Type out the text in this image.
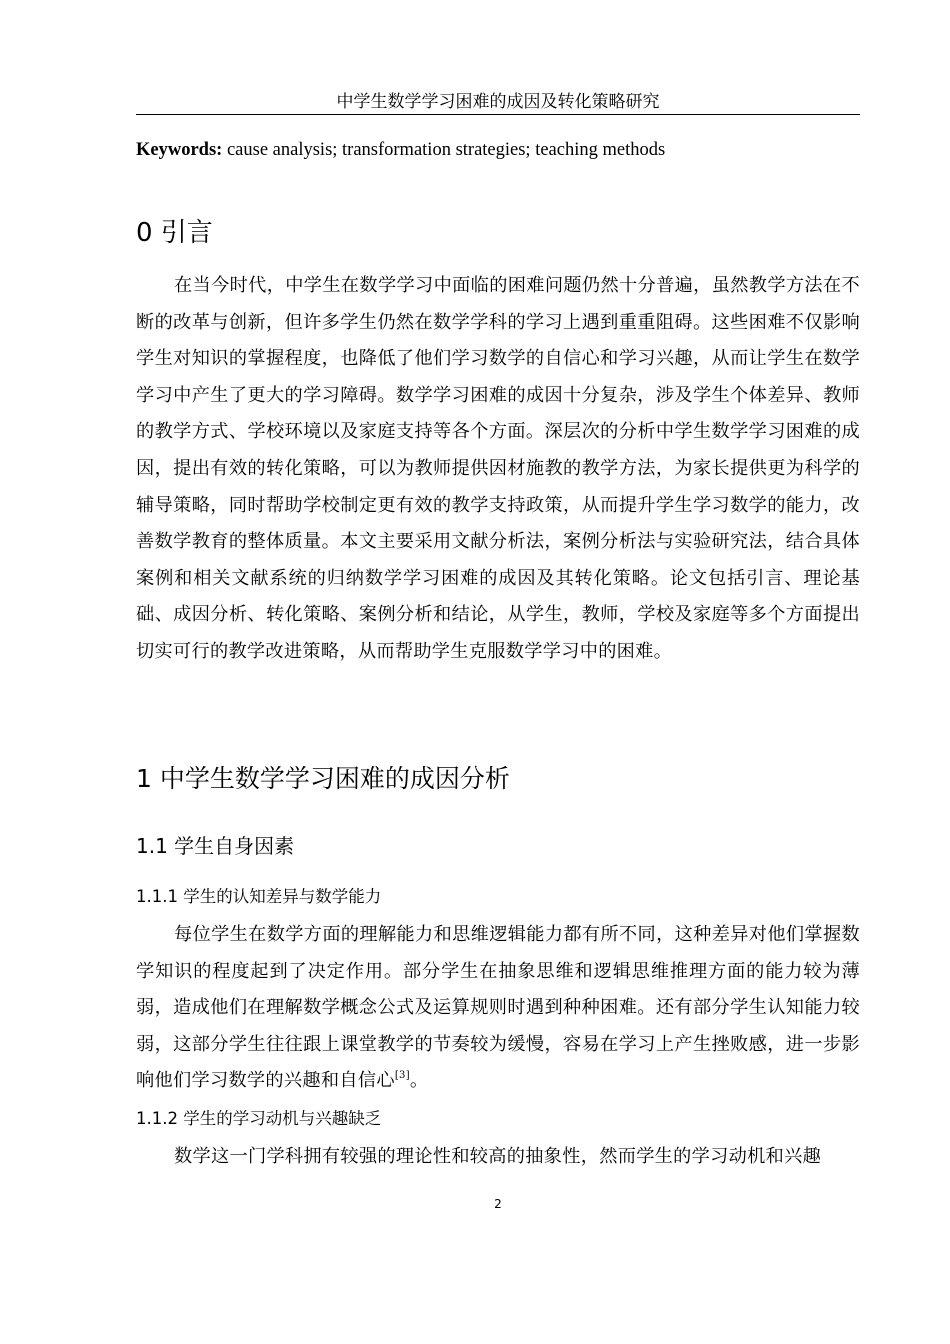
中学生数学学习困难的成因及转化策略研究
Keywords: cause analysis; transformation strategies; teaching methods
0 引言

在当今时代，中学生在数学学习中面临的困难问题仍然十分普遍，虽然教学方法在不断的改革与创新，但许多学生仍然在数学学科的学习上遇到重重阻碍。这些困难不仅影响学生对知识的掌握程度，也降低了他们学习数学的自信心和学习兴趣，从而让学生在数学学习中产生了更大的学习障碍。数学学习困难的成因十分复杂，涉及学生个体差异、教师的教学方式、学校环境以及家庭支持等各个方面。深层次的分析中学生数学学习困难的成因，提出有效的转化策略，可以为教师提供因材施教的教学方法，为家长提供更为科学的辅导策略，同时帮助学校制定更有效的教学支持政策，从而提升学生学习数学的能力，改善数学教育的整体质量。本文主要采用文献分析法，案例分析法与实验研究法，结合具体案例和相关文献系统的归纳数学学习困难的成因及其转化策略。论文包括引言、理论基础、成因分析、转化策略、案例分析和结论，从学生，教师，学校及家庭等多个方面提出切实可行的教学改进策略，从而帮助学生克服数学学习中的困难。

1 中学生数学学习困难的成因分析
1.1 学生自身因素
1.1.1 学生的认知差异与数学能力

每位学生在数学方面的理解能力和思维逻辑能力都有所不同，这种差异对他们掌握数学知识的程度起到了决定作用。部分学生在抽象思维和逻辑思维推理方面的能力较为薄弱，造成他们在理解数学概念公式及运算规则时遇到种种困难。还有部分学生认知能力较弱，这部分学生往往跟上课堂教学的节奏较为缓慢，容易在学习上产生挫败感，进一步影响他们学习数学的兴趣和自信心[3]。

1.1.2 学生的学习动机与兴趣缺乏

数学这一门学科拥有较强的理论性和较高的抽象性，然而学生的学习动机和兴趣

2
